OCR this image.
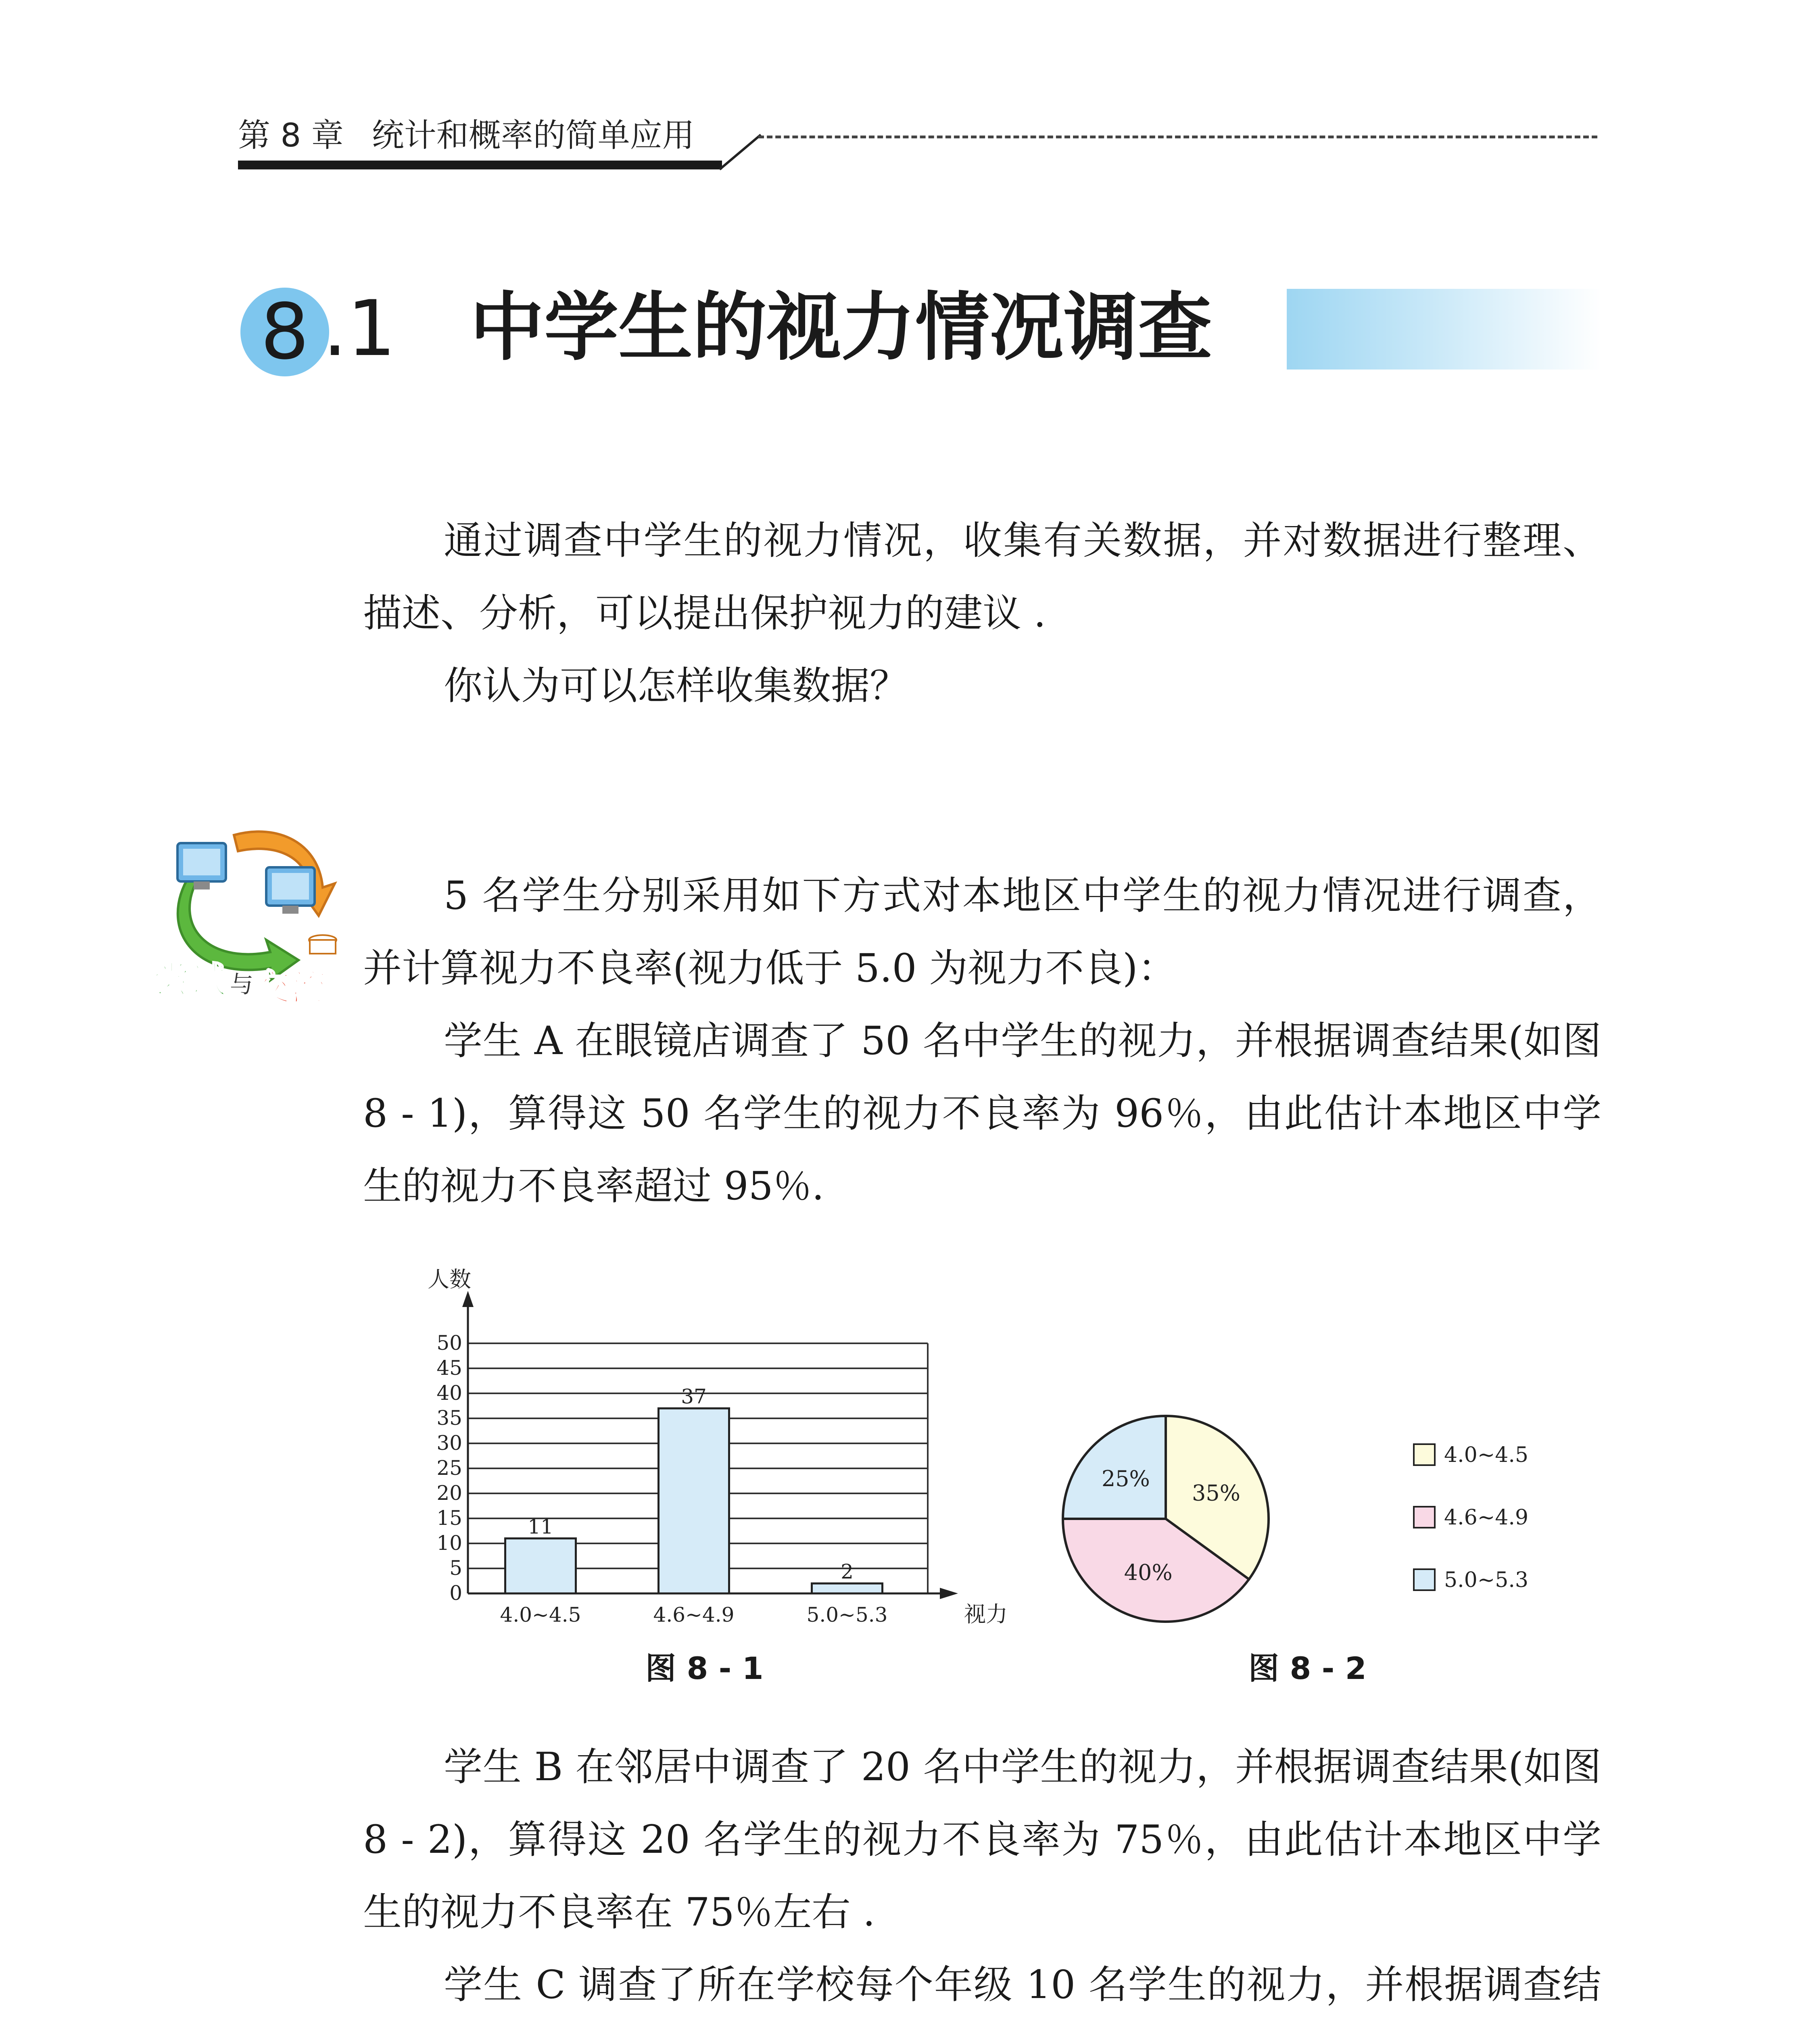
第 8 章 统计和概率的简单应用
8 .1 中学生的视力情况调查
通过调查中学生的视力情况，收集有关数据，并对数据进行整理、描述、分析，可以提出保护视力的建议 .
你认为可以怎样收集数据？
尝试 与 交流
5 名学生分别采用如下方式对本地区中学生的视力情况进行调查，并计算视力不良率(视力低于 5.0 为视力不良)：
学生 A 在眼镜店调查了 50 名中学生的视力，并根据调查结果(如图 8 - 1)，算得这 50 名学生的视力不良率为 96％，由此估计本地区中学生的视力不良率超过 95％.
0
5
10
15
20
25
30
35
40
45
50
人数
视力
11
4.0~4.5
37
4.6~4.9
2
5.0~5.3
图 8 - 1
35%
40%
25%
4.0~4.5
4.6~4.9
5.0~5.3
图 8 - 2
学生 B 在邻居中调查了 20 名中学生的视力，并根据调查结果(如图 8 - 2)，算得这 20 名学生的视力不良率为 75％，由此估计本地区中学生的视力不良率在 75％左右 .
学生 C 调查了所在学校每个年级 10 名学生的视力，并根据调查结
